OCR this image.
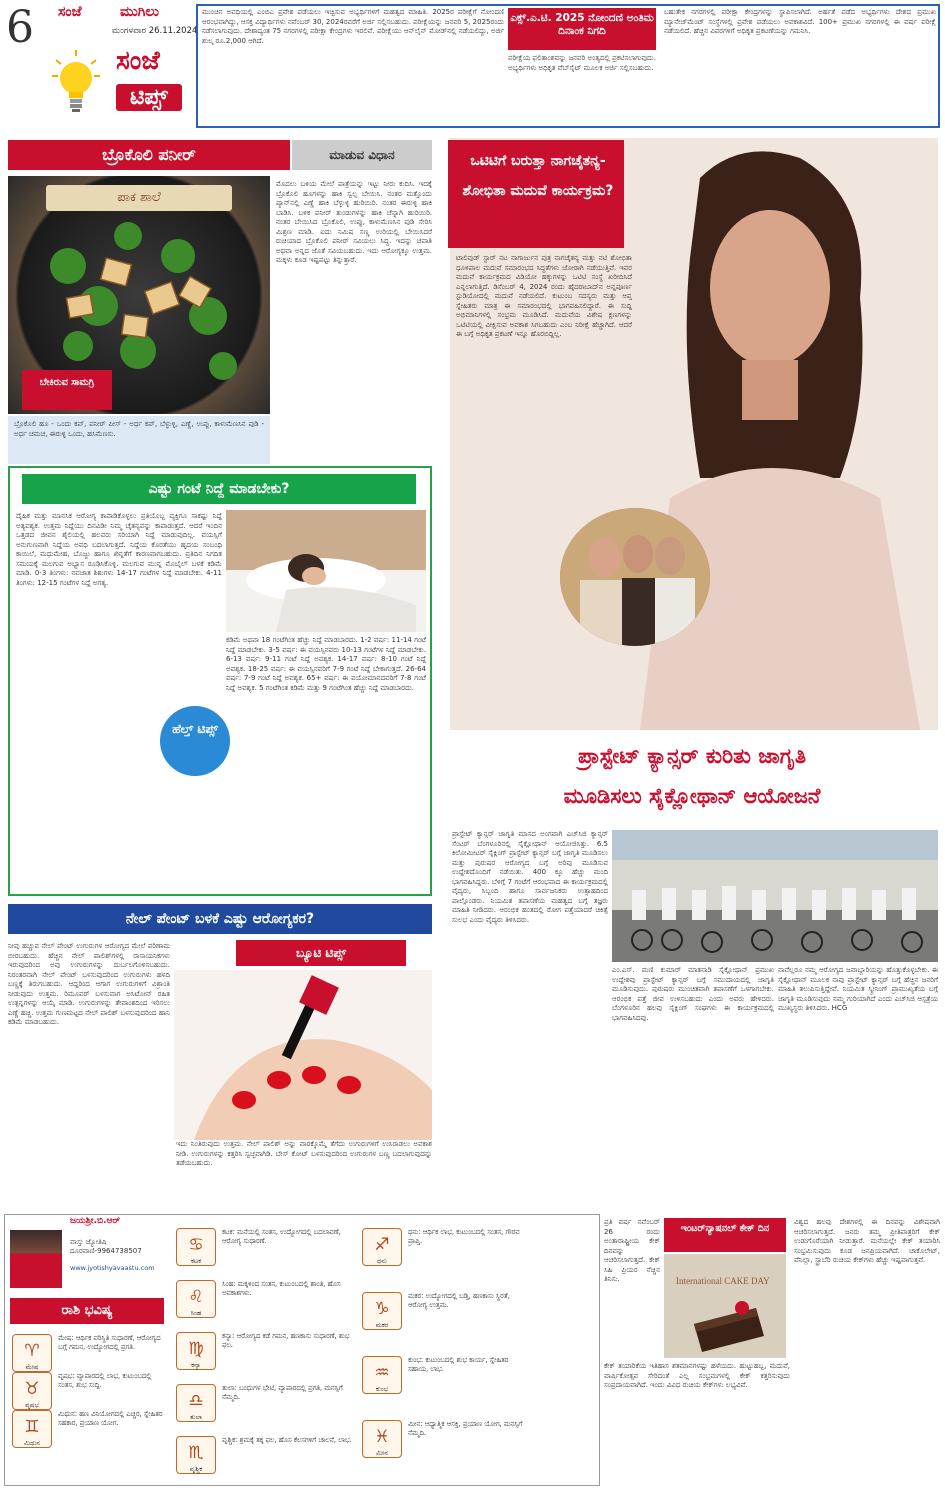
6 ಸಂಜೆ	ಮುಗಿಲು
ಮಂಗಳವಾರ 26.11.2024
ಸಂಜೆ
ಟಿಪ್ಸ್
ಮುಂಚಿನ ಅವಧಿಯಲ್ಲಿ ಎಂಬಿಎ ಪ್ರವೇಶ ಪಡೆಯಲು ಇಚ್ಛಿಸುವ ಅಭ್ಯರ್ಥಿಗಳಿಗೆ ಮಹತ್ವದ ಮಾಹಿತಿ. 2025ರ ಪರೀಕ್ಷೆಗೆ ನೋಂದಣಿ ಆರಂಭವಾಗಿದ್ದು, ಆಸಕ್ತ ವಿದ್ಯಾರ್ಥಿಗಳು ನವೆಂಬರ್ 30, 2024ರವರೆಗೆ ಅರ್ಜಿ ಸಲ್ಲಿಸಬಹುದು. ಪರೀಕ್ಷೆಯನ್ನು ಜನವರಿ 5, 2025ರಂದು ನಡೆಸಲಾಗುವುದು. ದೇಶಾದ್ಯಂತ 75 ನಗರಗಳಲ್ಲಿ ಪರೀಕ್ಷಾ ಕೇಂದ್ರಗಳು ಇರಲಿವೆ. ಪರೀಕ್ಷೆಯು ಆನ್‌ಲೈನ್ ಮೋಡ್‌ನಲ್ಲಿ ನಡೆಯಲಿದ್ದು, ಅರ್ಜಿ ಶುಲ್ಕ ರೂ.2,000 ಆಗಿದೆ.
ಎಕ್ಸ್.ಎ.ಟಿ. 2025 ನೋಂದಣಿ ಅಂತಿಮ ದಿನಾಂಕ ನಿಗದಿ
ಪರೀಕ್ಷೆಯ ಫಲಿತಾಂಶವನ್ನು ಜನವರಿ ಅಂತ್ಯದಲ್ಲಿ ಪ್ರಕಟಿಸಲಾಗುವುದು. ಅಭ್ಯರ್ಥಿಗಳು ಅಧಿಕೃತ ವೆಬ್‌ಸೈಟ್ ಮೂಲಕ ಅರ್ಜಿ ಸಲ್ಲಿಸಬಹುದು.
ಬಹುತೇಕ ನಗರಗಳಲ್ಲಿ ಪರೀಕ್ಷಾ ಕೇಂದ್ರಗಳನ್ನು ಸ್ಥಾಪಿಸಲಾಗಿದೆ. ಅರ್ಹತೆ ಪಡೆದ ಅಭ್ಯರ್ಥಿಗಳು ದೇಶದ ಪ್ರಮುಖ ಮ್ಯಾನೇಜ್‌ಮೆಂಟ್ ಸಂಸ್ಥೆಗಳಲ್ಲಿ ಪ್ರವೇಶ ಪಡೆಯಲು ಅವಕಾಶವಿದೆ. 100+ ಪ್ರಮುಖ ನಗರಗಳಲ್ಲಿ ಈ ವರ್ಷ ಪರೀಕ್ಷೆ ನಡೆಯಲಿದೆ. ಹೆಚ್ಚಿನ ವಿವರಗಳಿಗೆ ಅಧಿಕೃತ ಪ್ರಕಟಣೆಯನ್ನು ಗಮನಿಸಿ.
ಬ್ರೊಕೊಲಿ ಪನೀರ್	ಮಾಡುವ ವಿಧಾನ
ಪಾಕ ಶಾಲೆ
ಬೇಕಿರುವ ಸಾಮಗ್ರಿ
ಬ್ರೊಕೊಲಿ ಹೂ - ಒಂದು ಕಪ್, ಪನೀರ್ ಪೀಸ್ - ಅರ್ಧ ಕಪ್, ಬೆಳ್ಳುಳ್ಳಿ, ಎಣ್ಣೆ, ಉಪ್ಪು, ಕಾಳುಮೆಣಸಿನ ಪುಡಿ - ಅರ್ಧ ಚಮಚ, ಈರುಳ್ಳಿ ಒಂದು, ಹಸಿಮೆಣಸು.
ಮೊದಲು ಬಳಿಯ ಮೇಲೆ ಪಾತ್ರೆಯನ್ನು ಇಟ್ಟು ನೀರು ಕುದಿಸಿ. ಇದಕ್ಕೆ ಬ್ರೊಕೊಲಿ ಹೂಗಳನ್ನು ಹಾಕಿ ಸ್ವಲ್ಪ ಬೇಯಿಸಿ. ನಂತರ ಮತ್ತೊಂದು ಪ್ಯಾನ್‌ನಲ್ಲಿ ಎಣ್ಣೆ ಹಾಕಿ ಬೆಳ್ಳುಳ್ಳಿ ಹುರಿಯಿರಿ. ನಂತರ ಈರುಳ್ಳಿ ಹಾಕಿ ಬಾಡಿಸಿ. ಬಳಿಕ ಪನೀರ್ ತುಂಡುಗಳನ್ನು ಹಾಕಿ ಚೆನ್ನಾಗಿ ಹುರಿಯಿರಿ. ನಂತರ ಬೇಯಿಸಿದ ಬ್ರೊಕೊಲಿ, ಉಪ್ಪು, ಕಾಳುಮೆಣಸಿನ ಪುಡಿ ಸೇರಿಸಿ ಮಿಶ್ರಣ ಮಾಡಿ. ಐದು ನಿಮಿಷ ಸಣ್ಣ ಉರಿಯಲ್ಲಿ ಬೇಯಿಸಿದರೆ ರುಚಿಯಾದ ಬ್ರೊಕೊಲಿ ಪನೀರ್ ಸವಿಯಲು ಸಿದ್ಧ. ಇದನ್ನು ಚಪಾತಿ ಅಥವಾ ಅನ್ನದ ಜೊತೆ ಸವಿಯಬಹುದು. ಇದು ಆರೋಗ್ಯಕ್ಕೂ ಉತ್ತಮ. ಮಕ್ಕಳು ಕೂಡ ಇಷ್ಟಪಟ್ಟು ತಿನ್ನುತ್ತಾರೆ.
ಎಷ್ಟು ಗಂಟೆ ನಿದ್ದೆ ಮಾಡಬೇಕು?
ದೈಹಿಕ ಮತ್ತು ಮಾನಸಿಕ ಆರೋಗ್ಯ ಕಾಪಾಡಿಕೊಳ್ಳಲು ಪ್ರತಿಯೊಬ್ಬ ವ್ಯಕ್ತಿಗೂ ಸಾಕಷ್ಟು ನಿದ್ದೆ ಅತ್ಯವಶ್ಯಕ. ಉತ್ತಮ ನಿದ್ದೆಯು ದಿನವಿಡೀ ನಿಮ್ಮ ಚೈತನ್ಯವನ್ನು ಕಾಪಾಡುತ್ತದೆ. ಆದರೆ ಇಂದಿನ ಒತ್ತಡದ ಜೀವನ ಶೈಲಿಯಲ್ಲಿ ಹಲವರು ಸರಿಯಾಗಿ ನಿದ್ದೆ ಮಾಡುವುದಿಲ್ಲ. ವಯಸ್ಸಿಗೆ ಅನುಗುಣವಾಗಿ ನಿದ್ದೆಯ ಅವಧಿ ಬದಲಾಗುತ್ತದೆ. ನಿದ್ದೆಯ ಕೊರತೆಯು ಹೃದಯ ಸಂಬಂಧಿ ಕಾಯಿಲೆ, ಮಧುಮೇಹ, ಬೊಜ್ಜು ಹಾಗೂ ಖಿನ್ನತೆಗೆ ಕಾರಣವಾಗಬಹುದು. ಪ್ರತಿದಿನ ನಿಗದಿತ ಸಮಯಕ್ಕೆ ಮಲಗುವ ಅಭ್ಯಾಸ ರೂಢಿಸಿಕೊಳ್ಳಿ. ಮಲಗುವ ಮುನ್ನ ಮೊಬೈಲ್ ಬಳಕೆ ಕಡಿಮೆ ಮಾಡಿ. 0-3 ತಿಂಗಳು: ನವಜಾತ ಶಿಶುಗಳು 14-17 ಗಂಟೆಗಳ ನಿದ್ದೆ ಮಾಡಬೇಕು. 4-11 ತಿಂಗಳು: 12-15 ಗಂಟೆಗಳ ನಿದ್ದೆ ಅಗತ್ಯ.
ಕಡಿಮೆ ಅಥವಾ 18 ಗಂಟೆಗಿಂತ ಹೆಚ್ಚು ನಿದ್ದೆ ಮಾಡಬಾರದು. 1-2 ವರ್ಷ: 11-14 ಗಂಟೆ ನಿದ್ದೆ ಮಾಡಬೇಕು. 3-5 ವರ್ಷ: ಈ ವಯಸ್ಸಿನವರು 10-13 ಗಂಟೆಗಳ ನಿದ್ದೆ ಮಾಡಬೇಕು. 6-13 ವರ್ಷ: 9-11 ಗಂಟೆ ನಿದ್ದೆ ಅವಶ್ಯಕ. 14-17 ವರ್ಷ: 8-10 ಗಂಟೆ ನಿದ್ದೆ ಅವಶ್ಯಕ. 18-25 ವರ್ಷ: ಈ ವಯಸ್ಸಿನವರಿಗೆ 7-9 ಗಂಟೆ ನಿದ್ದೆ ಬೇಕಾಗುತ್ತದೆ. 26-64 ವರ್ಷ: 7-9 ಗಂಟೆ ನಿದ್ದೆ ಅವಶ್ಯಕ. 65+ ವರ್ಷ: ಈ ವಯೋಮಾನದವರಿಗೆ 7-8 ಗಂಟೆ ನಿದ್ದೆ ಅವಶ್ಯಕ. 5 ಗಂಟೆಗಿಂತ ಕಡಿಮೆ ಮತ್ತು 9 ಗಂಟೆಗಿಂತ ಹೆಚ್ಚು ನಿದ್ದೆ ಮಾಡಬಾರದು.
ಹೆಲ್ತ್ ಟಿಪ್ಸ್
ನೇಲ್ ಪೇಂಟ್ ಬಳಕೆ ಎಷ್ಟು ಆರೋಗ್ಯಕರ?
ಬ್ಯೂಟಿ ಟಿಪ್ಸ್
ನೀವು ಹಚ್ಚುವ ನೇಲ್ ಪೇಂಟ್ ಉಗುರುಗಳ ಆರೋಗ್ಯದ ಮೇಲೆ ಪರಿಣಾಮ ಬೀರಬಹುದು. ಹೆಚ್ಚಿನ ನೇಲ್ ಪಾಲಿಶ್‌ಗಳಲ್ಲಿ ರಾಸಾಯನಿಕಗಳು ಇರುವುದರಿಂದ ಅವು ಉಗುರುಗಳನ್ನು ದುರ್ಬಲಗೊಳಿಸಬಹುದು. ನಿರಂತರವಾಗಿ ನೇಲ್ ಪೇಂಟ್ ಬಳಸುವುದರಿಂದ ಉಗುರುಗಳು ಹಳದಿ ಬಣ್ಣಕ್ಕೆ ತಿರುಗಬಹುದು. ಆದ್ದರಿಂದ ಆಗಾಗ ಉಗುರುಗಳಿಗೆ ವಿಶ್ರಾಂತಿ ನೀಡುವುದು ಉತ್ತಮ. ರಿಮೂವರ್ ಬಳಸುವಾಗ ಅಸಿಟೋನ್ ರಹಿತ ಉತ್ಪನ್ನಗಳನ್ನು ಆಯ್ಕೆ ಮಾಡಿ. ಉಗುರುಗಳನ್ನು ತೇವಾಂಶದಿಂದ ಇರಿಸಲು ಎಣ್ಣೆ ಹಚ್ಚಿ. ಉತ್ತಮ ಗುಣಮಟ್ಟದ ನೇಲ್ ಪಾಲಿಶ್ ಬಳಸುವುದರಿಂದ ಹಾನಿ ಕಡಿಮೆ ಮಾಡಬಹುದು.
ಇದು ನಿಂತಿರುವುದು ಉತ್ತಮ. ನೇಲ್ ಪಾಲಿಶ್ ಅನ್ನು ವಾರಕ್ಕೊಮ್ಮೆ ತೆಗೆದು ಉಗುರುಗಳಿಗೆ ಉಸಿರಾಡಲು ಅವಕಾಶ ನೀಡಿ. ಉಗುರುಗಳನ್ನು ಕತ್ತರಿಸಿ ಸ್ವಚ್ಛವಾಗಿಡಿ. ಬೇಸ್ ಕೋಟ್ ಬಳಸುವುದರಿಂದ ಉಗುರುಗಳ ಬಣ್ಣ ಬದಲಾಗುವುದನ್ನು ತಡೆಯಬಹುದು.
ಒಟಿಟಿಗೆ ಬರುತ್ತಾ ನಾಗಚೈತನ್ಯ-ಶೋಭಿತಾ ಮದುವೆ ಕಾರ್ಯಕ್ರಮ?
ಟಾಲಿವುಡ್ ಸ್ಟಾರ್ ನಟ ನಾಗಾರ್ಜುನ ಪುತ್ರ ನಾಗಚೈತನ್ಯ ಮತ್ತು ನಟಿ ಶೋಭಿತಾ ಧೂಳಿಪಾಲ ಮದುವೆ ಸಮಾರಂಭದ ಸಿದ್ಧತೆಗಳು ಜೋರಾಗಿ ನಡೆಯುತ್ತಿವೆ. ಇವರ ಮದುವೆ ಕಾರ್ಯಕ್ರಮದ ವಿಡಿಯೋ ಹಕ್ಕುಗಳನ್ನು ಒಟಿಟಿ ಸಂಸ್ಥೆ ಖರೀದಿಸಿದೆ ಎನ್ನಲಾಗುತ್ತಿದೆ. ಡಿಸೆಂಬರ್ 4, 2024 ರಂದು ಹೈದರಾಬಾದ್‌ನ ಅನ್ನಪೂರ್ಣ ಸ್ಟುಡಿಯೋದಲ್ಲಿ ಮದುವೆ ನಡೆಯಲಿದೆ. ಕುಟುಂಬ ಸದಸ್ಯರು ಮತ್ತು ಆಪ್ತ ಸ್ನೇಹಿತರು ಮಾತ್ರ ಈ ಸಮಾರಂಭದಲ್ಲಿ ಭಾಗವಹಿಸಲಿದ್ದಾರೆ. ಈ ಸುದ್ದಿ ಅಭಿಮಾನಿಗಳಲ್ಲಿ ಸಂಭ್ರಮ ಮೂಡಿಸಿದೆ. ಮದುವೆಯ ವಿಶೇಷ ಕ್ಷಣಗಳನ್ನು ಒಟಿಟಿಯಲ್ಲಿ ವೀಕ್ಷಿಸುವ ಅವಕಾಶ ಸಿಗಬಹುದು ಎಂಬ ನಿರೀಕ್ಷೆ ಹೆಚ್ಚಾಗಿದೆ. ಆದರೆ ಈ ಬಗ್ಗೆ ಅಧಿಕೃತ ಪ್ರಕಟಣೆ ಇನ್ನೂ ಹೊರಬಿದ್ದಿಲ್ಲ.
ಪ್ರಾಸ್ಟೇಟ್ ಕ್ಯಾನ್ಸರ್ ಕುರಿತು ಜಾಗೃತಿ
ಮೂಡಿಸಲು ಸೈಕ್ಲೋಥಾನ್ ಆಯೋಜನೆ
ಪ್ರಾಸ್ಟೇಟ್ ಕ್ಯಾನ್ಸರ್ ಜಾಗೃತಿ ಮಾಸದ ಅಂಗವಾಗಿ ಎಚ್‌ಸಿಜಿ ಕ್ಯಾನ್ಸರ್ ಸೆಂಟರ್ ಬೆಂಗಳೂರಿನಲ್ಲಿ ಸೈಕ್ಲೋಥಾನ್ ಆಯೋಜಿಸಿತ್ತು. 6.5 ಕಿಲೋಮೀಟರ್ ಸೈಕ್ಲಿಂಗ್ ಪ್ರಾಸ್ಟೇಟ್ ಕ್ಯಾನ್ಸರ್ ಬಗ್ಗೆ ಜಾಗೃತಿ ಮೂಡಿಸಲು ಮತ್ತು ಪುರುಷರ ಆರೋಗ್ಯದ ಬಗ್ಗೆ ಅರಿವು ಮೂಡಿಸುವ ಉದ್ದೇಶದೊಂದಿಗೆ ನಡೆಯಿತು. 400 ಕ್ಕೂ ಹೆಚ್ಚು ಮಂದಿ ಭಾಗವಹಿಸಿದ್ದರು. ಬೆಳಿಗ್ಗೆ 7 ಗಂಟೆಗೆ ಆರಂಭವಾದ ಈ ಕಾರ್ಯಕ್ರಮದಲ್ಲಿ ವೈದ್ಯರು, ಸಿಬ್ಬಂದಿ ಹಾಗೂ ಸಾರ್ವಜನಿಕರು ಉತ್ಸಾಹದಿಂದ ಪಾಲ್ಗೊಂಡರು. ನಿಯಮಿತ ತಪಾಸಣೆಯ ಮಹತ್ವದ ಬಗ್ಗೆ ತಜ್ಞರು ಮಾಹಿತಿ ನೀಡಿದರು. ಆರಂಭಿಕ ಹಂತದಲ್ಲಿ ರೋಗ ಪತ್ತೆಯಾದರೆ ಚಿಕಿತ್ಸೆ ಸುಲಭ ಎಂದು ವೈದ್ಯರು ತಿಳಿಸಿದರು.
ಎಂ.ಎಸ್. ಮಣಿ ಕುಮಾರ್ ಮಾತನಾಡಿ ಸೈಕ್ಲೋಥಾನ್ ಪ್ರಮುಖ ಉದ್ದೇಶವು ಪ್ರಾಸ್ಟೇಟ್ ಕ್ಯಾನ್ಸರ್ ಬಗ್ಗೆ ಸಮುದಾಯದಲ್ಲಿ ಜಾಗೃತಿ ಮೂಡಿಸುವುದು. ಪುರುಷರು ಮುಂಚಿತವಾಗಿ ತಪಾಸಣೆಗೆ ಒಳಗಾಗಬೇಕು. ಆರಂಭಿಕ ಪತ್ತೆ ಜೀವ ಉಳಿಸಬಹುದು ಎಂದು ಅವರು ಹೇಳಿದರು. ಬೆಂಗಳೂರಿನ ಹಲವು ಸೈಕ್ಲಿಂಗ್ ಸಂಘಗಳು ಈ ಕಾರ್ಯಕ್ರಮದಲ್ಲಿ ಭಾಗವಹಿಸಿದವು.
ನಾವೆಲ್ಲರೂ ನಮ್ಮ ಆರೋಗ್ಯದ ಜವಾಬ್ದಾರಿಯನ್ನು ಹೊತ್ತುಕೊಳ್ಳಬೇಕು. ಈ ಸೈಕ್ಲೋಥಾನ್ ಮೂಲಕ ನಾವು ಪ್ರಾಸ್ಟೇಟ್ ಕ್ಯಾನ್ಸರ್ ಬಗ್ಗೆ ಹೆಚ್ಚಿನ ಜನರಿಗೆ ಮಾಹಿತಿ ತಲುಪಿಸುತ್ತಿದ್ದೇವೆ. ನಿಯಮಿತ ಸ್ಕ್ರೀನಿಂಗ್ ಪ್ರಾಮುಖ್ಯತೆಯ ಬಗ್ಗೆ ಜಾಗೃತಿ ಮೂಡಿಸುವುದು ನಮ್ಮ ಗುರಿಯಾಗಿದೆ ಎಂದು ಎಚ್‌ಸಿಜಿ ಆಸ್ಪತ್ರೆಯ ಮುಖ್ಯಸ್ಥರು ತಿಳಿಸಿದರು. HCG
ಜಯಶ್ರೀ.ಬಿ.ಆರ್
ವಾಸ್ತು ಜ್ಯೋತಿಷಿ ದೂರವಾಣಿ-9964738507
www.jyotishyavaastu.com
ರಾಶಿ ಭವಿಷ್ಯ
♈
ಮೇಷ
ಮೇಷ: ಆರ್ಥಿಕ ಪರಿಸ್ಥಿತಿ ಸುಧಾರಣೆ, ಆರೋಗ್ಯದ ಬಗ್ಗೆ ಗಮನ, ಉದ್ಯೋಗದಲ್ಲಿ ಪ್ರಗತಿ.
♉
ವೃಷಭ
ವೃಷಭ: ವ್ಯಾಪಾರದಲ್ಲಿ ಲಾಭ, ಕುಟುಂಬದಲ್ಲಿ ಸಂತಸ, ಶುಭ ಸುದ್ದಿ.
♊
ಮಿಥುನ
ಮಿಥುನ: ಹಣ ವಿನಿಯೋಗದಲ್ಲಿ ಎಚ್ಚರ, ಸ್ನೇಹಿತರ ಸಹಕಾರ, ಪ್ರಯಾಣ ಯೋಗ.
♋
ಕಟಕ
ಕಟಕ: ಮನೆಯಲ್ಲಿ ಸಂತಸ, ಉದ್ಯೋಗದಲ್ಲಿ ಬದಲಾವಣೆ, ಆರೋಗ್ಯ ಸುಧಾರಣೆ.
♌
ಸಿಂಹ
ಸಿಂಹ: ಮಕ್ಕಳಿಂದ ಸಂತಸ, ಕುಟುಂಬದಲ್ಲಿ ಶಾಂತಿ, ಹೊಸ ಅವಕಾಶಗಳು.
♍
ಕನ್ಯಾ
ಕನ್ಯಾ: ಆರೋಗ್ಯದ ಕಡೆ ಗಮನ, ಹಣಕಾಸು ಸುಧಾರಣೆ, ಶುಭ ಫಲ.
♎
ತುಲಾ
ತುಲಾ: ಬಂಧುಗಳ ಭೇಟಿ, ವ್ಯಾಪಾರದಲ್ಲಿ ಪ್ರಗತಿ, ಮನಸ್ಸಿಗೆ ನೆಮ್ಮದಿ.
♏
ವೃಶ್ಚಿಕ
ವೃಶ್ಚಿಕ: ಶ್ರಮಕ್ಕೆ ತಕ್ಕ ಫಲ, ಹೊಸ ಕೆಲಸಗಳಿಗೆ ಚಾಲನೆ, ಲಾಭ.
♐
ಧನು
ಧನು: ಆರ್ಥಿಕ ಲಾಭ, ಕುಟುಂಬದಲ್ಲಿ ಸಂತಸ, ಗೌರವ ಪ್ರಾಪ್ತಿ.
♑
ಮಕರ
ಮಕರ: ಉದ್ಯೋಗದಲ್ಲಿ ಬಡ್ತಿ, ಹಣಕಾಸು ಸ್ಥಿರತೆ, ಆರೋಗ್ಯ ಉತ್ತಮ.
♒
ಕುಂಭ
ಕುಂಭ: ಕುಟುಂಬದಲ್ಲಿ ಶುಭ ಕಾರ್ಯ, ಸ್ನೇಹಿತರ ಸಹಾಯ, ಲಾಭ.
♓
ಮೀನ
ಮೀನ: ಆಧ್ಯಾತ್ಮಿಕ ಆಸಕ್ತಿ, ಪ್ರಯಾಣ ಯೋಗ, ಮನಸ್ಸಿಗೆ ನೆಮ್ಮದಿ.
ಪ್ರತಿ ವರ್ಷ ನವೆಂಬರ್ 26 ರಂದು ಅಂತಾರಾಷ್ಟ್ರೀಯ ಕೇಕ್ ದಿನವನ್ನು ಆಚರಿಸಲಾಗುತ್ತದೆ. ಕೇಕ್ ಸಿಹಿ ಪ್ರಿಯರ ನೆಚ್ಚಿನ ತಿನಿಸು.
ಇಂಟರ್‌ನ್ಯಾಷನಲ್ ಕೇಕ್ ದಿನ
International CAKE DAY
ಕೇಕ್ ತಯಾರಿಕೆಯ ಇತಿಹಾಸ ಶತಮಾನಗಳಷ್ಟು ಹಳೆಯದು. ಹುಟ್ಟುಹಬ್ಬ, ಮದುವೆ, ವಾರ್ಷಿಕೋತ್ಸವ ಸೇರಿದಂತೆ ಎಲ್ಲ ಸಂಭ್ರಮಗಳಲ್ಲಿ ಕೇಕ್ ಕತ್ತರಿಸುವುದು ಸಂಪ್ರದಾಯವಾಗಿದೆ. ಇಂದು ವಿವಿಧ ರುಚಿಯ ಕೇಕ್‌ಗಳು ಲಭ್ಯವಿವೆ.
ವಿಶ್ವದ ಹಲವು ದೇಶಗಳಲ್ಲಿ ಈ ದಿನವನ್ನು ವಿಶೇಷವಾಗಿ ಆಚರಿಸಲಾಗುತ್ತದೆ. ಜನರು ತಮ್ಮ ಪ್ರೀತಿಪಾತ್ರರಿಗೆ ಕೇಕ್ ಉಡುಗೊರೆಯಾಗಿ ನೀಡುತ್ತಾರೆ. ಮನೆಯಲ್ಲೇ ಕೇಕ್ ತಯಾರಿಸಿ ಸಂಭ್ರಮಿಸುವುದು ಕೂಡ ಜನಪ್ರಿಯವಾಗಿದೆ. ಚಾಕೊಲೇಟ್, ವೆನಿಲ್ಲಾ, ಸ್ಟ್ರಾಬೆರಿ ರುಚಿಯ ಕೇಕ್‌ಗಳು ಹೆಚ್ಚು ಇಷ್ಟವಾಗುತ್ತವೆ.
